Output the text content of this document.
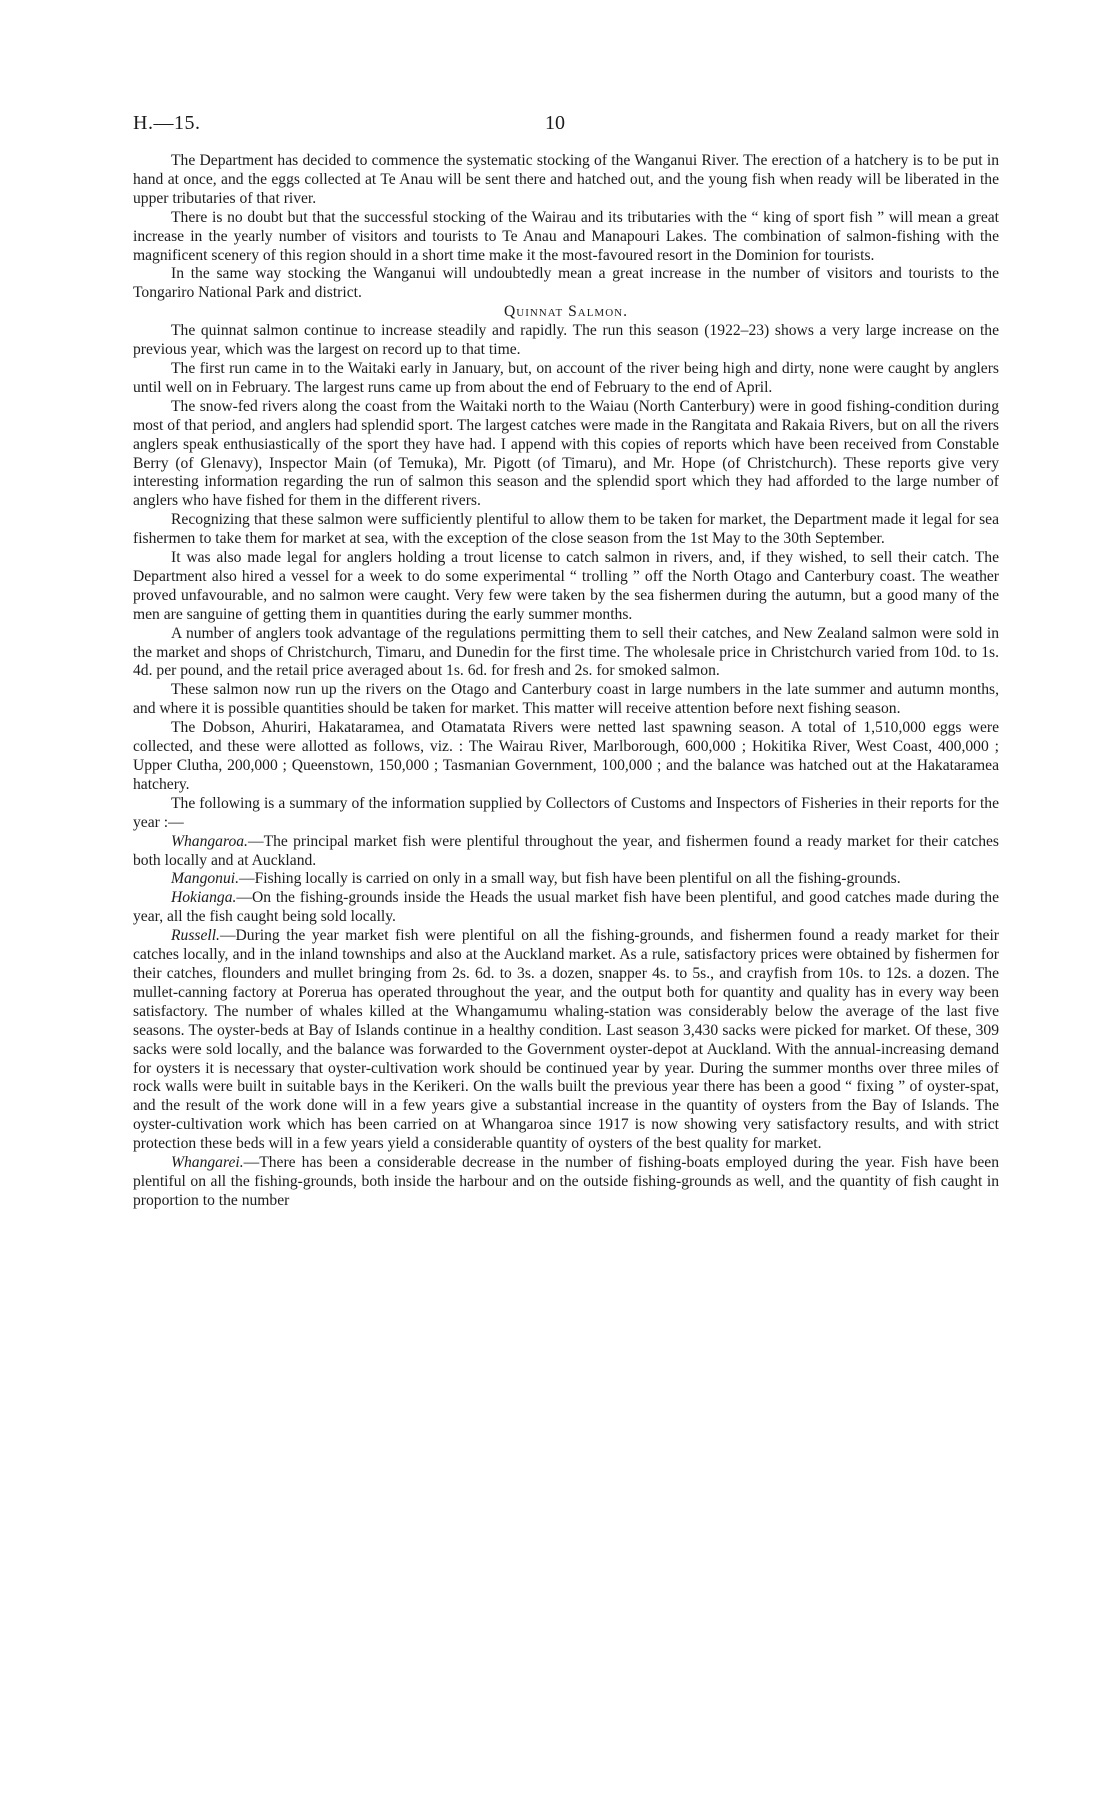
H.—15.	10

The Department has decided to commence the systematic stocking of the Wanganui River. The erection of a hatchery is to be put in hand at once, and the eggs collected at Te Anau will be sent there and hatched out, and the young fish when ready will be liberated in the upper tributaries of that river.

There is no doubt but that the successful stocking of the Wairau and its tributaries with the “ king of sport fish ” will mean a great increase in the yearly number of visitors and tourists to Te Anau and Manapouri Lakes. The combination of salmon-fishing with the magnificent scenery of this region should in a short time make it the most-favoured resort in the Dominion for tourists.

In the same way stocking the Wanganui will undoubtedly mean a great increase in the number of visitors and tourists to the Tongariro National Park and district.

Quinnat Salmon.

The quinnat salmon continue to increase steadily and rapidly. The run this season (1922–23) shows a very large increase on the previous year, which was the largest on record up to that time.

The first run came in to the Waitaki early in January, but, on account of the river being high and dirty, none were caught by anglers until well on in February. The largest runs came up from about the end of February to the end of April.

The snow-fed rivers along the coast from the Waitaki north to the Waiau (North Canterbury) were in good fishing-condition during most of that period, and anglers had splendid sport. The largest catches were made in the Rangitata and Rakaia Rivers, but on all the rivers anglers speak enthusiastically of the sport they have had. I append with this copies of reports which have been received from Constable Berry (of Glenavy), Inspector Main (of Temuka), Mr. Pigott (of Timaru), and Mr. Hope (of Christchurch). These reports give very interesting information regarding the run of salmon this season and the splendid sport which they had afforded to the large number of anglers who have fished for them in the different rivers.

Recognizing that these salmon were sufficiently plentiful to allow them to be taken for market, the Department made it legal for sea fishermen to take them for market at sea, with the exception of the close season from the 1st May to the 30th September.

It was also made legal for anglers holding a trout license to catch salmon in rivers, and, if they wished, to sell their catch. The Department also hired a vessel for a week to do some experimental “ trolling ” off the North Otago and Canterbury coast. The weather proved unfavourable, and no salmon were caught. Very few were taken by the sea fishermen during the autumn, but a good many of the men are sanguine of getting them in quantities during the early summer months.

A number of anglers took advantage of the regulations permitting them to sell their catches, and New Zealand salmon were sold in the market and shops of Christchurch, Timaru, and Dunedin for the first time. The wholesale price in Christchurch varied from 10d. to 1s. 4d. per pound, and the retail price averaged about 1s. 6d. for fresh and 2s. for smoked salmon.

These salmon now run up the rivers on the Otago and Canterbury coast in large numbers in the late summer and autumn months, and where it is possible quantities should be taken for market. This matter will receive attention before next fishing season.

The Dobson, Ahuriri, Hakataramea, and Otamatata Rivers were netted last spawning season. A total of 1,510,000 eggs were collected, and these were allotted as follows, viz. : The Wairau River, Marlborough, 600,000 ; Hokitika River, West Coast, 400,000 ; Upper Clutha, 200,000 ; Queenstown, 150,000 ; Tasmanian Government, 100,000 ; and the balance was hatched out at the Hakataramea hatchery.

The following is a summary of the information supplied by Collectors of Customs and Inspectors of Fisheries in their reports for the year :—

Whangaroa.—The principal market fish were plentiful throughout the year, and fishermen found a ready market for their catches both locally and at Auckland.

Mangonui.—Fishing locally is carried on only in a small way, but fish have been plentiful on all the fishing-grounds.

Hokianga.—On the fishing-grounds inside the Heads the usual market fish have been plentiful, and good catches made during the year, all the fish caught being sold locally.

Russell.—During the year market fish were plentiful on all the fishing-grounds, and fishermen found a ready market for their catches locally, and in the inland townships and also at the Auckland market. As a rule, satisfactory prices were obtained by fishermen for their catches, flounders and mullet bringing from 2s. 6d. to 3s. a dozen, snapper 4s. to 5s., and crayfish from 10s. to 12s. a dozen. The mullet-canning factory at Porerua has operated throughout the year, and the output both for quantity and quality has in every way been satisfactory. The number of whales killed at the Whangamumu whaling-station was considerably below the average of the last five seasons. The oyster-beds at Bay of Islands continue in a healthy condition. Last season 3,430 sacks were picked for market. Of these, 309 sacks were sold locally, and the balance was forwarded to the Government oyster-depot at Auckland. With the annual-increasing demand for oysters it is necessary that oyster-cultivation work should be continued year by year. During the summer months over three miles of rock walls were built in suitable bays in the Kerikeri. On the walls built the previous year there has been a good “ fixing ” of oyster-spat, and the result of the work done will in a few years give a substantial increase in the quantity of oysters from the Bay of Islands. The oyster-cultivation work which has been carried on at Whangaroa since 1917 is now showing very satisfactory results, and with strict protection these beds will in a few years yield a considerable quantity of oysters of the best quality for market.

Whangarei.—There has been a considerable decrease in the number of fishing-boats employed during the year. Fish have been plentiful on all the fishing-grounds, both inside the harbour and on the outside fishing-grounds as well, and the quantity of fish caught in proportion to the number
